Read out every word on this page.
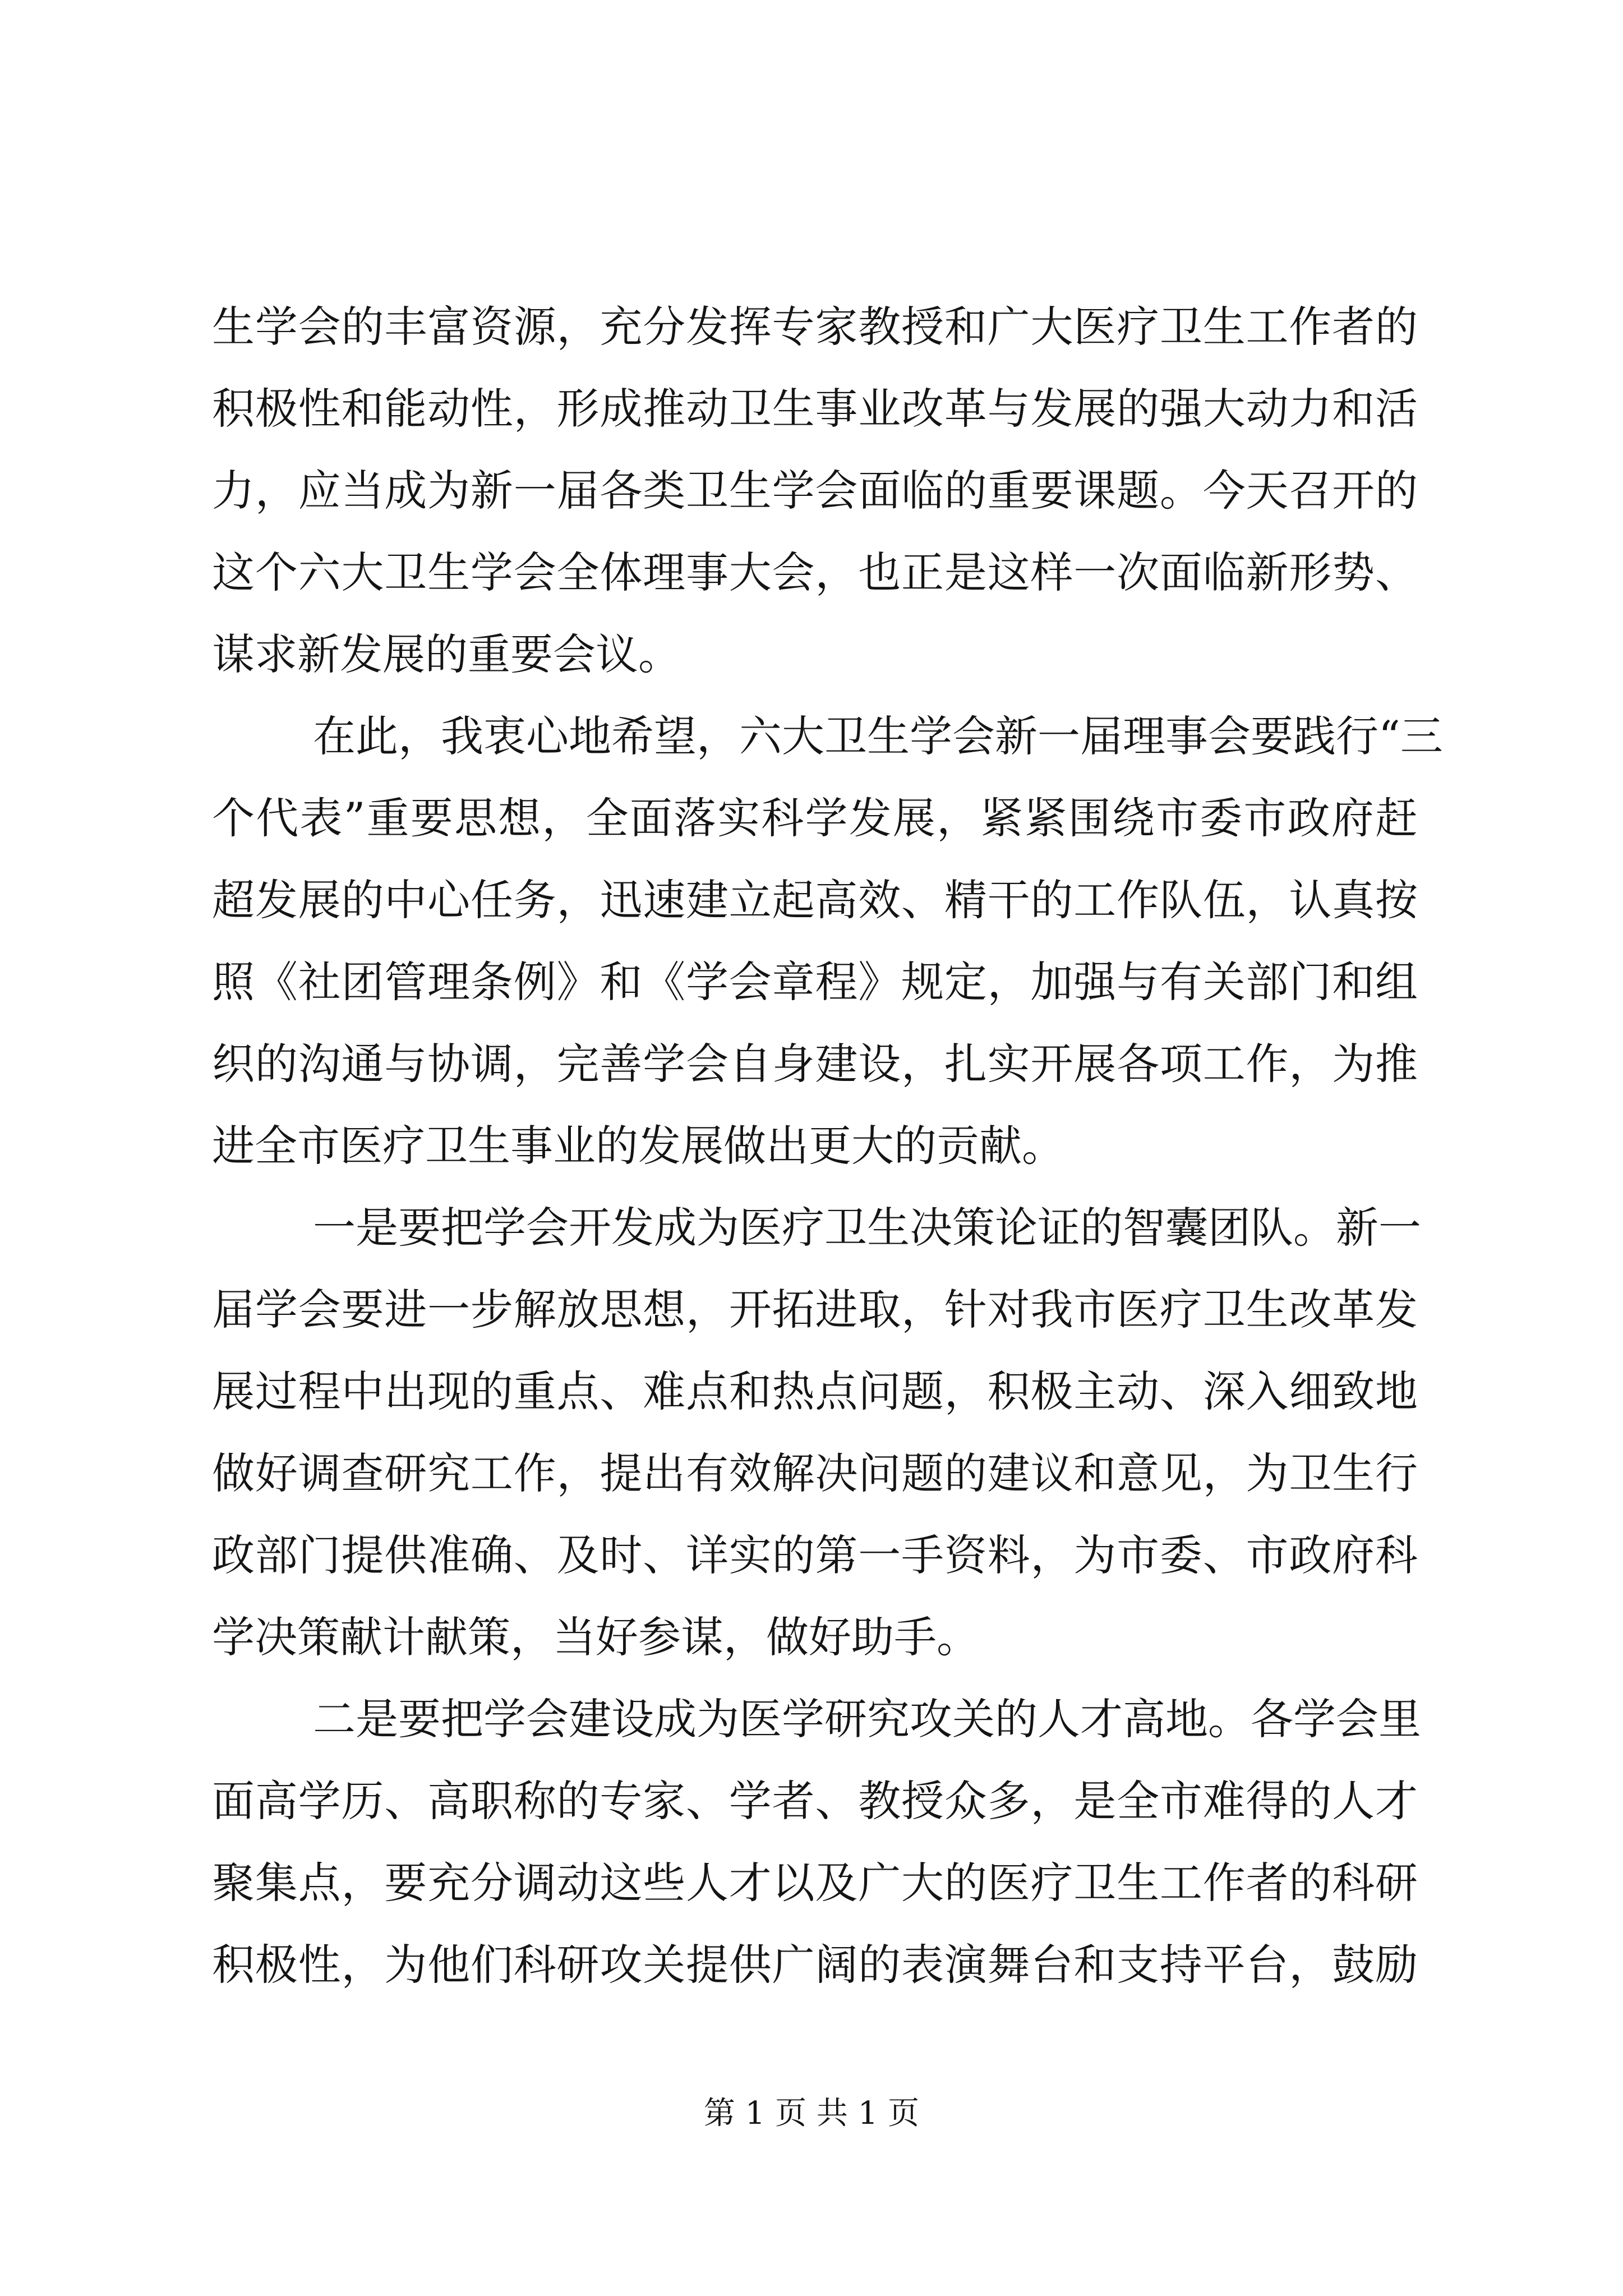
生学会的丰富资源，充分发挥专家教授和广大医疗卫生工作者的
积极性和能动性，形成推动卫生事业改革与发展的强大动力和活
力，应当成为新一届各类卫生学会面临的重要课题。今天召开的
这个六大卫生学会全体理事大会，也正是这样一次面临新形势、
谋求新发展的重要会议。
在此，我衷心地希望，六大卫生学会新一届理事会要践行“三
个代表”重要思想，全面落实科学发展，紧紧围绕市委市政府赶
超发展的中心任务，迅速建立起高效、精干的工作队伍，认真按
照《社团管理条例》和《学会章程》规定，加强与有关部门和组
织的沟通与协调，完善学会自身建设，扎实开展各项工作，为推
进全市医疗卫生事业的发展做出更大的贡献。
一是要把学会开发成为医疗卫生决策论证的智囊团队。新一
届学会要进一步解放思想，开拓进取，针对我市医疗卫生改革发
展过程中出现的重点、难点和热点问题，积极主动、深入细致地
做好调查研究工作，提出有效解决问题的建议和意见，为卫生行
政部门提供准确、及时、详实的第一手资料，为市委、市政府科
学决策献计献策，当好参谋，做好助手。
二是要把学会建设成为医学研究攻关的人才高地。各学会里
面高学历、高职称的专家、学者、教授众多，是全市难得的人才
聚集点，要充分调动这些人才以及广大的医疗卫生工作者的科研
积极性，为他们科研攻关提供广阔的表演舞台和支持平台，鼓励
第 1 页 共 1 页
